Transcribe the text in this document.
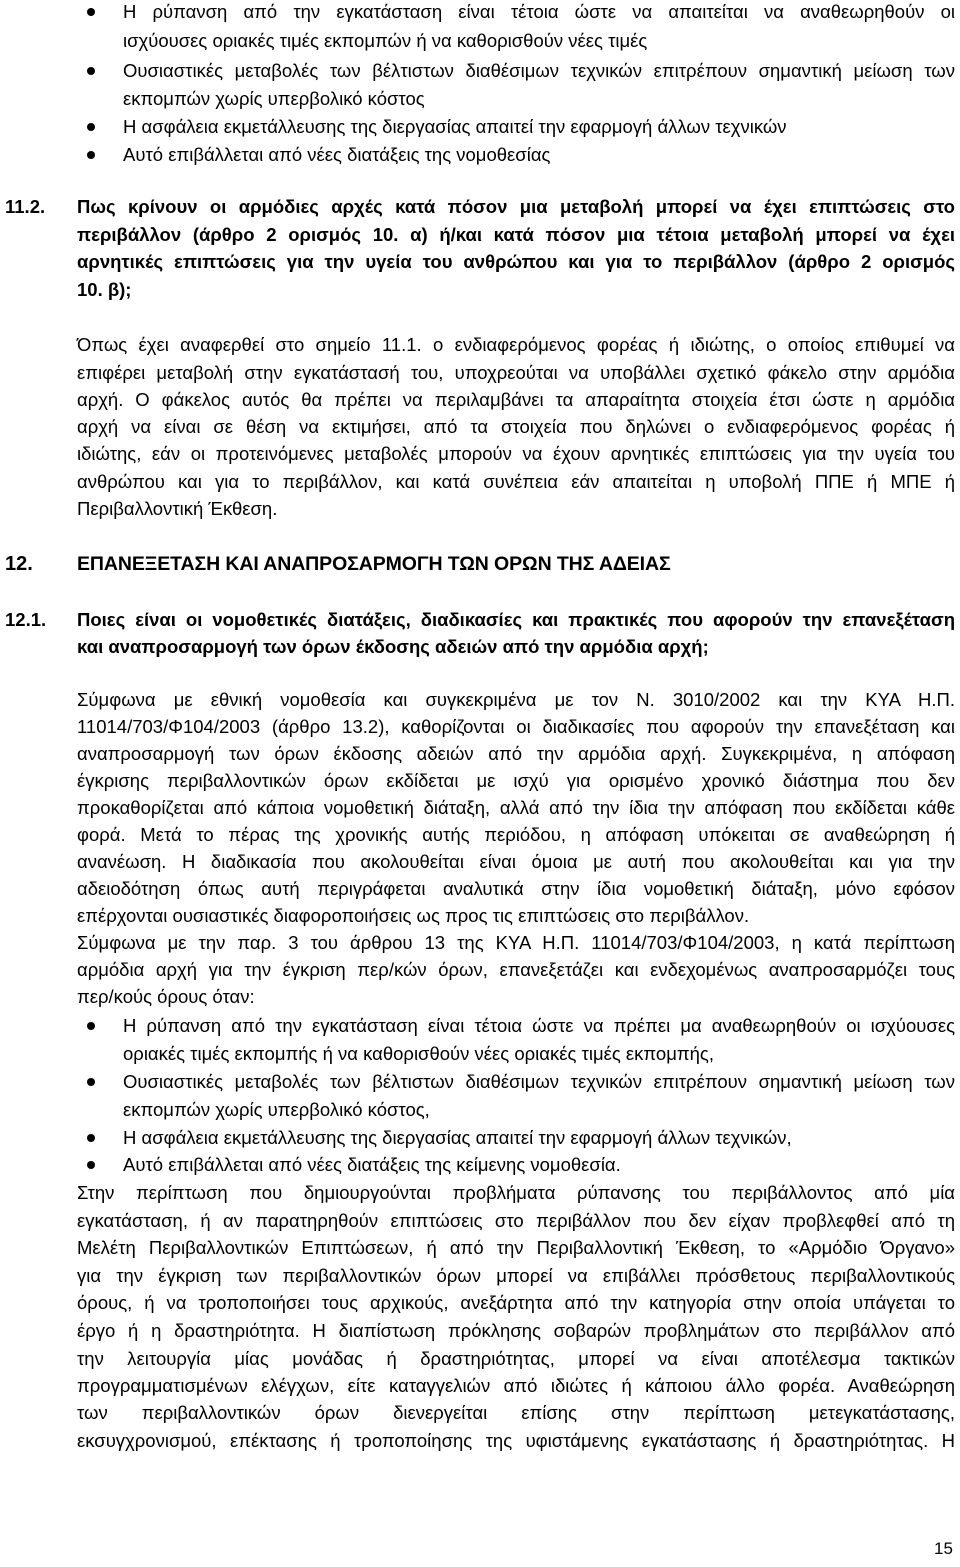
Η ρύπανση από την εγκατάσταση είναι τέτοια ώστε να απαιτείται να αναθεωρηθούν οι
ισχύουσες οριακές τιμές εκπομπών ή να καθορισθούν νέες τιμές
Ουσιαστικές μεταβολές των βέλτιστων διαθέσιμων τεχνικών επιτρέπουν σημαντική μείωση των
εκπομπών χωρίς υπερβολικό κόστος
Η ασφάλεια εκμετάλλευσης της διεργασίας απαιτεί την εφαρμογή άλλων τεχνικών
Αυτό επιβάλλεται από νέες διατάξεις της νομοθεσίας
11.2. Πως κρίνουν οι αρμόδιες αρχές κατά πόσον μια μεταβολή μπορεί να έχει επιπτώσεις στο
περιβάλλον (άρθρο 2 ορισμός 10. α) ή/και κατά πόσον μια τέτοια μεταβολή μπορεί να έχει
αρνητικές επιπτώσεις για την υγεία του ανθρώπου και για το περιβάλλον (άρθρο 2 ορισμός
10. β);
Όπως έχει αναφερθεί στο σημείο 11.1. ο ενδιαφερόμενος φορέας ή ιδιώτης, ο οποίος επιθυμεί να
επιφέρει μεταβολή στην εγκατάστασή του, υποχρεούται να υποβάλλει σχετικό φάκελο στην αρμόδια
αρχή. Ο φάκελος αυτός θα πρέπει να περιλαμβάνει τα απαραίτητα στοιχεία έτσι ώστε η αρμόδια
αρχή να είναι σε θέση να εκτιμήσει, από τα στοιχεία που δηλώνει ο ενδιαφερόμενος φορέας ή
ιδιώτης, εάν οι προτεινόμενες μεταβολές μπορούν να έχουν αρνητικές επιπτώσεις για την υγεία του
ανθρώπου και για το περιβάλλον, και κατά συνέπεια εάν απαιτείται η υποβολή ΠΠΕ ή ΜΠΕ ή
Περιβαλλοντική Έκθεση.
12. ΕΠΑΝΕΞΕΤΑΣΗ ΚΑΙ ΑΝΑΠΡΟΣΑΡΜΟΓΗ ΤΩΝ ΟΡΩΝ ΤΗΣ ΑΔΕΙΑΣ
12.1. Ποιες είναι οι νομοθετικές διατάξεις, διαδικασίες και πρακτικές που αφορούν την επανεξέταση
και αναπροσαρμογή των όρων έκδοσης αδειών από την αρμόδια αρχή;
Σύμφωνα με εθνική νομοθεσία και συγκεκριμένα με τον Ν. 3010/2002 και την ΚΥΑ Η.Π.
11014/703/Φ104/2003 (άρθρο 13.2), καθορίζονται οι διαδικασίες που αφορούν την επανεξέταση και
αναπροσαρμογή των όρων έκδοσης αδειών από την αρμόδια αρχή. Συγκεκριμένα, η απόφαση
έγκρισης περιβαλλοντικών όρων εκδίδεται με ισχύ για ορισμένο χρονικό διάστημα που δεν
προκαθορίζεται από κάποια νομοθετική διάταξη, αλλά από την ίδια την απόφαση που εκδίδεται κάθε
φορά. Μετά το πέρας της χρονικής αυτής περιόδου, η απόφαση υπόκειται σε αναθεώρηση ή
ανανέωση. Η διαδικασία που ακολουθείται είναι όμοια με αυτή που ακολουθείται και για την
αδειοδότηση όπως αυτή περιγράφεται αναλυτικά στην ίδια νομοθετική διάταξη, μόνο εφόσον
επέρχονται ουσιαστικές διαφοροποιήσεις ως προς τις επιπτώσεις στο περιβάλλον.
Σύμφωνα με την παρ. 3 του άρθρου 13 της ΚΥΑ Η.Π. 11014/703/Φ104/2003, η κατά περίπτωση
αρμόδια αρχή για την έγκριση περ/κών όρων, επανεξετάζει και ενδεχομένως αναπροσαρμόζει τους
περ/κούς όρους όταν:
Η ρύπανση από την εγκατάσταση είναι τέτοια ώστε να πρέπει μα αναθεωρηθούν οι ισχύουσες
οριακές τιμές εκπομπής ή να καθορισθούν νέες οριακές τιμές εκπομπής,
Ουσιαστικές μεταβολές των βέλτιστων διαθέσιμων τεχνικών επιτρέπουν σημαντική μείωση των
εκπομπών χωρίς υπερβολικό κόστος,
Η ασφάλεια εκμετάλλευσης της διεργασίας απαιτεί την εφαρμογή άλλων τεχνικών,
Αυτό επιβάλλεται από νέες διατάξεις της κείμενης νομοθεσία.
Στην περίπτωση που δημιουργούνται προβλήματα ρύπανσης του περιβάλλοντος από μία
εγκατάσταση, ή αν παρατηρηθούν επιπτώσεις στο περιβάλλον που δεν είχαν προβλεφθεί από τη
Μελέτη Περιβαλλοντικών Επιπτώσεων, ή από την Περιβαλλοντική Έκθεση, το «Αρμόδιο Όργανο»
για την έγκριση των περιβαλλοντικών όρων μπορεί να επιβάλλει πρόσθετους περιβαλλοντικούς
όρους, ή να τροποποιήσει τους αρχικούς, ανεξάρτητα από την κατηγορία στην οποία υπάγεται το
έργο ή η δραστηριότητα. Η διαπίστωση πρόκλησης σοβαρών προβλημάτων στο περιβάλλον από
την λειτουργία μίας μονάδας ή δραστηριότητας, μπορεί να είναι αποτέλεσμα τακτικών
προγραμματισμένων ελέγχων, είτε καταγγελιών από ιδιώτες ή κάποιου άλλο φορέα. Αναθεώρηση
των περιβαλλοντικών όρων διενεργείται επίσης στην περίπτωση μετεγκατάστασης,
εκσυγχρονισμού, επέκτασης ή τροποποίησης της υφιστάμενης εγκατάστασης ή δραστηριότητας. Η
15
